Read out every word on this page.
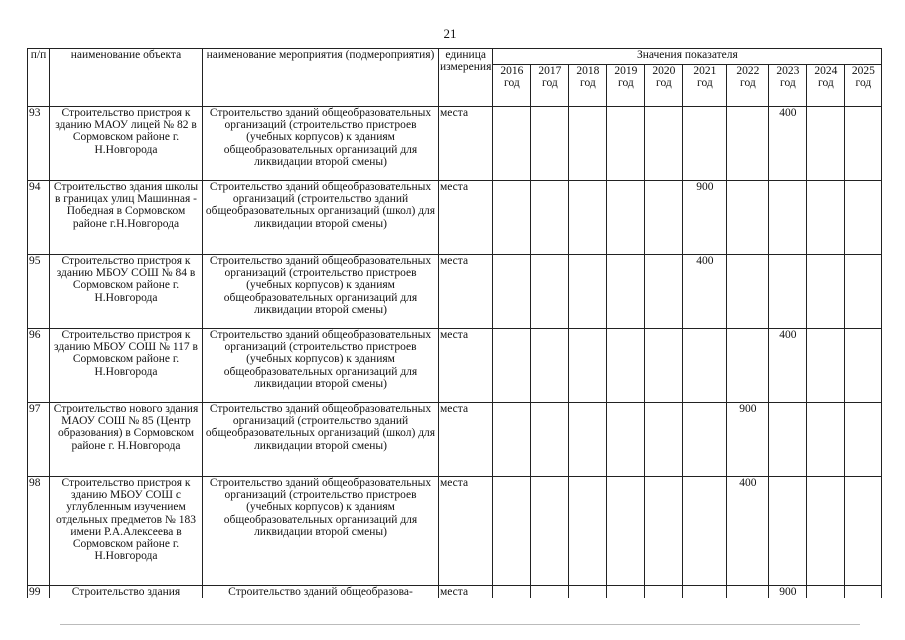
21
п/п	наименование объекта	наименование мероприятия (подмероприятия)	единица измерения	Значения показателя									
				2016 год	2017 год	2018 год	2019 год	2020 год	2021 год	2022 год	2023 год	2024 год	2025 год
93	Строительство пристроя к зданию МАОУ лицей № 82 в Сормовском районе г. Н.Новгорода	Строительство зданий общеобразовательных организаций (строительство пристроев (учебных корпусов) к зданиям общеобразовательных организаций для ликвидации второй смены)	места								400		
94	Строительство здания школы в границах улиц Машинная - Победная в Сормовском районе г.Н.Новгорода	Строительство зданий общеобразовательных организаций (строительство зданий общеобразовательных организаций (школ) для ликвидации второй смены)	места						900				
95	Строительство пристроя к зданию МБОУ СОШ № 84 в Сормовском районе г. Н.Новгорода	Строительство зданий общеобразовательных организаций (строительство пристроев (учебных корпусов) к зданиям общеобразовательных организаций для ликвидации второй смены)	места						400				
96	Строительство пристроя к зданию МБОУ СОШ № 117 в Сормовском районе г. Н.Новгорода	Строительство зданий общеобразовательных организаций (строительство пристроев (учебных корпусов) к зданиям общеобразовательных организаций для ликвидации второй смены)	места								400		
97	Строительство нового здания МАОУ СОШ № 85 (Центр образования) в Сормовском районе г. Н.Новгорода	Строительство зданий общеобразовательных организаций (строительство зданий общеобразовательных организаций (школ) для ликвидации второй смены)	места							900			
98	Строительство пристроя к зданию МБОУ СОШ с углубленным изучением отдельных предметов № 183 имени Р.А.Алексеева в Сормовском районе г. Н.Новгорода	Строительство зданий общеобразовательных организаций (строительство пристроев (учебных корпусов) к зданиям общеобразовательных организаций для ликвидации второй смены)	места							400			
99	Строительство здания	Строительство зданий общеобразова-	места								900		
